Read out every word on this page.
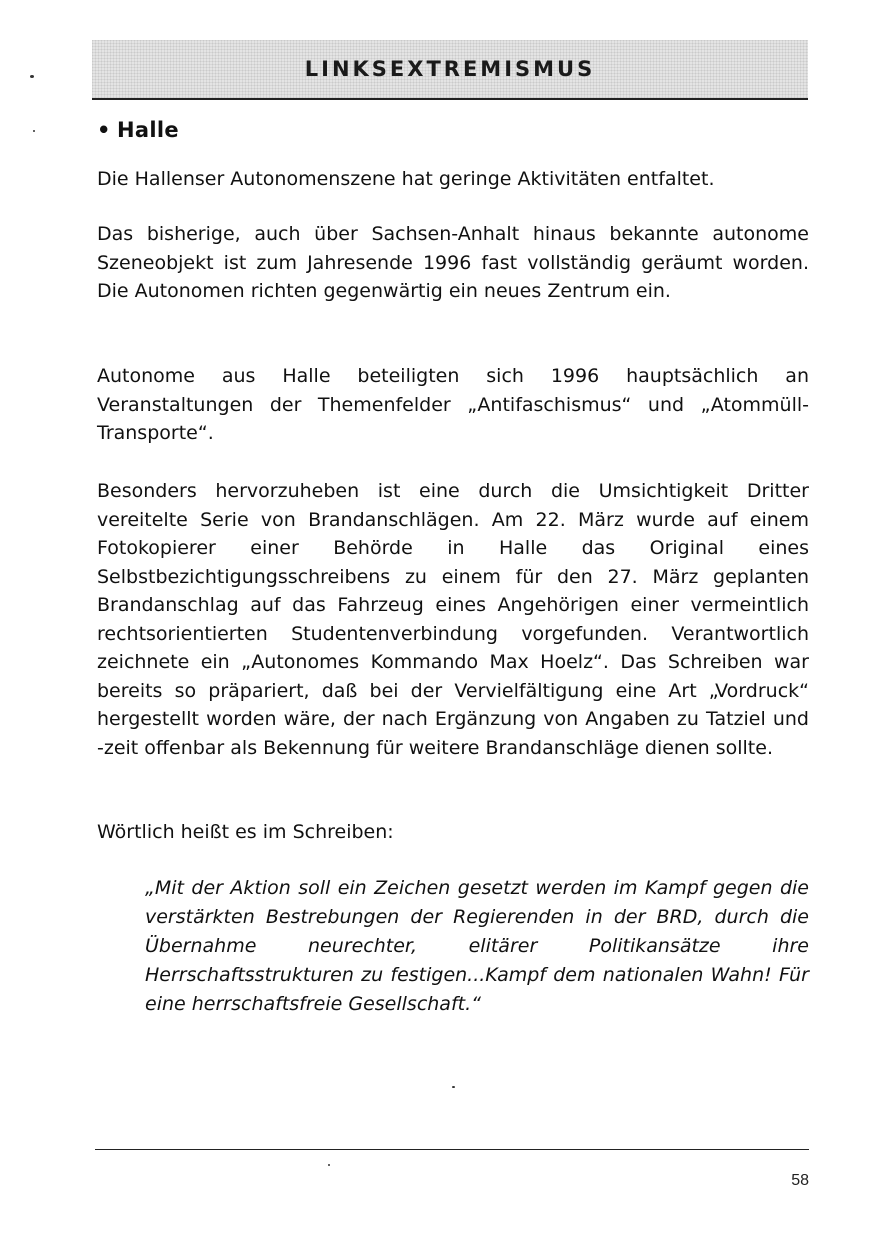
LINKSEXTREMISMUS
• Halle

Die Hallenser Autonomenszene hat geringe Aktivitäten entfaltet.

Das bisherige, auch über Sachsen-Anhalt hinaus bekannte autonome Szeneobjekt ist zum Jahresende 1996 fast vollständig geräumt worden. Die Autonomen richten gegenwärtig ein neues Zentrum ein.

Autonome aus Halle beteiligten sich 1996 hauptsächlich an Veranstaltungen der Themenfelder „Antifaschismus“ und „Atommüll-Transporte“.

Besonders hervorzuheben ist eine durch die Umsichtigkeit Dritter vereitelte Serie von Brandanschlägen. Am 22. März wurde auf einem Fotokopierer einer Behörde in Halle das Original eines Selbstbezichtigungsschreibens zu einem für den 27. März geplanten Brandanschlag auf das Fahrzeug eines Angehörigen einer vermeintlich rechtsorientierten Studentenverbindung vorgefunden. Verantwortlich zeichnete ein „Autonomes Kommando Max Hoelz“. Das Schreiben war bereits so präpariert, daß bei der Vervielfältigung eine Art „Vordruck“ hergestellt worden wäre, der nach Ergänzung von Angaben zu Tatziel und -zeit offenbar als Bekennung für weitere Brandanschläge dienen sollte.

Wörtlich heißt es im Schreiben:

„Mit der Aktion soll ein Zeichen gesetzt werden im Kampf gegen die verstärkten Bestrebungen der Regierenden in der BRD, durch die Übernahme neurechter, elitärer Politikansätze ihre Herrschaftsstrukturen zu festigen...Kampf dem nationalen Wahn! Für eine herrschaftsfreie Gesellschaft.“

58
